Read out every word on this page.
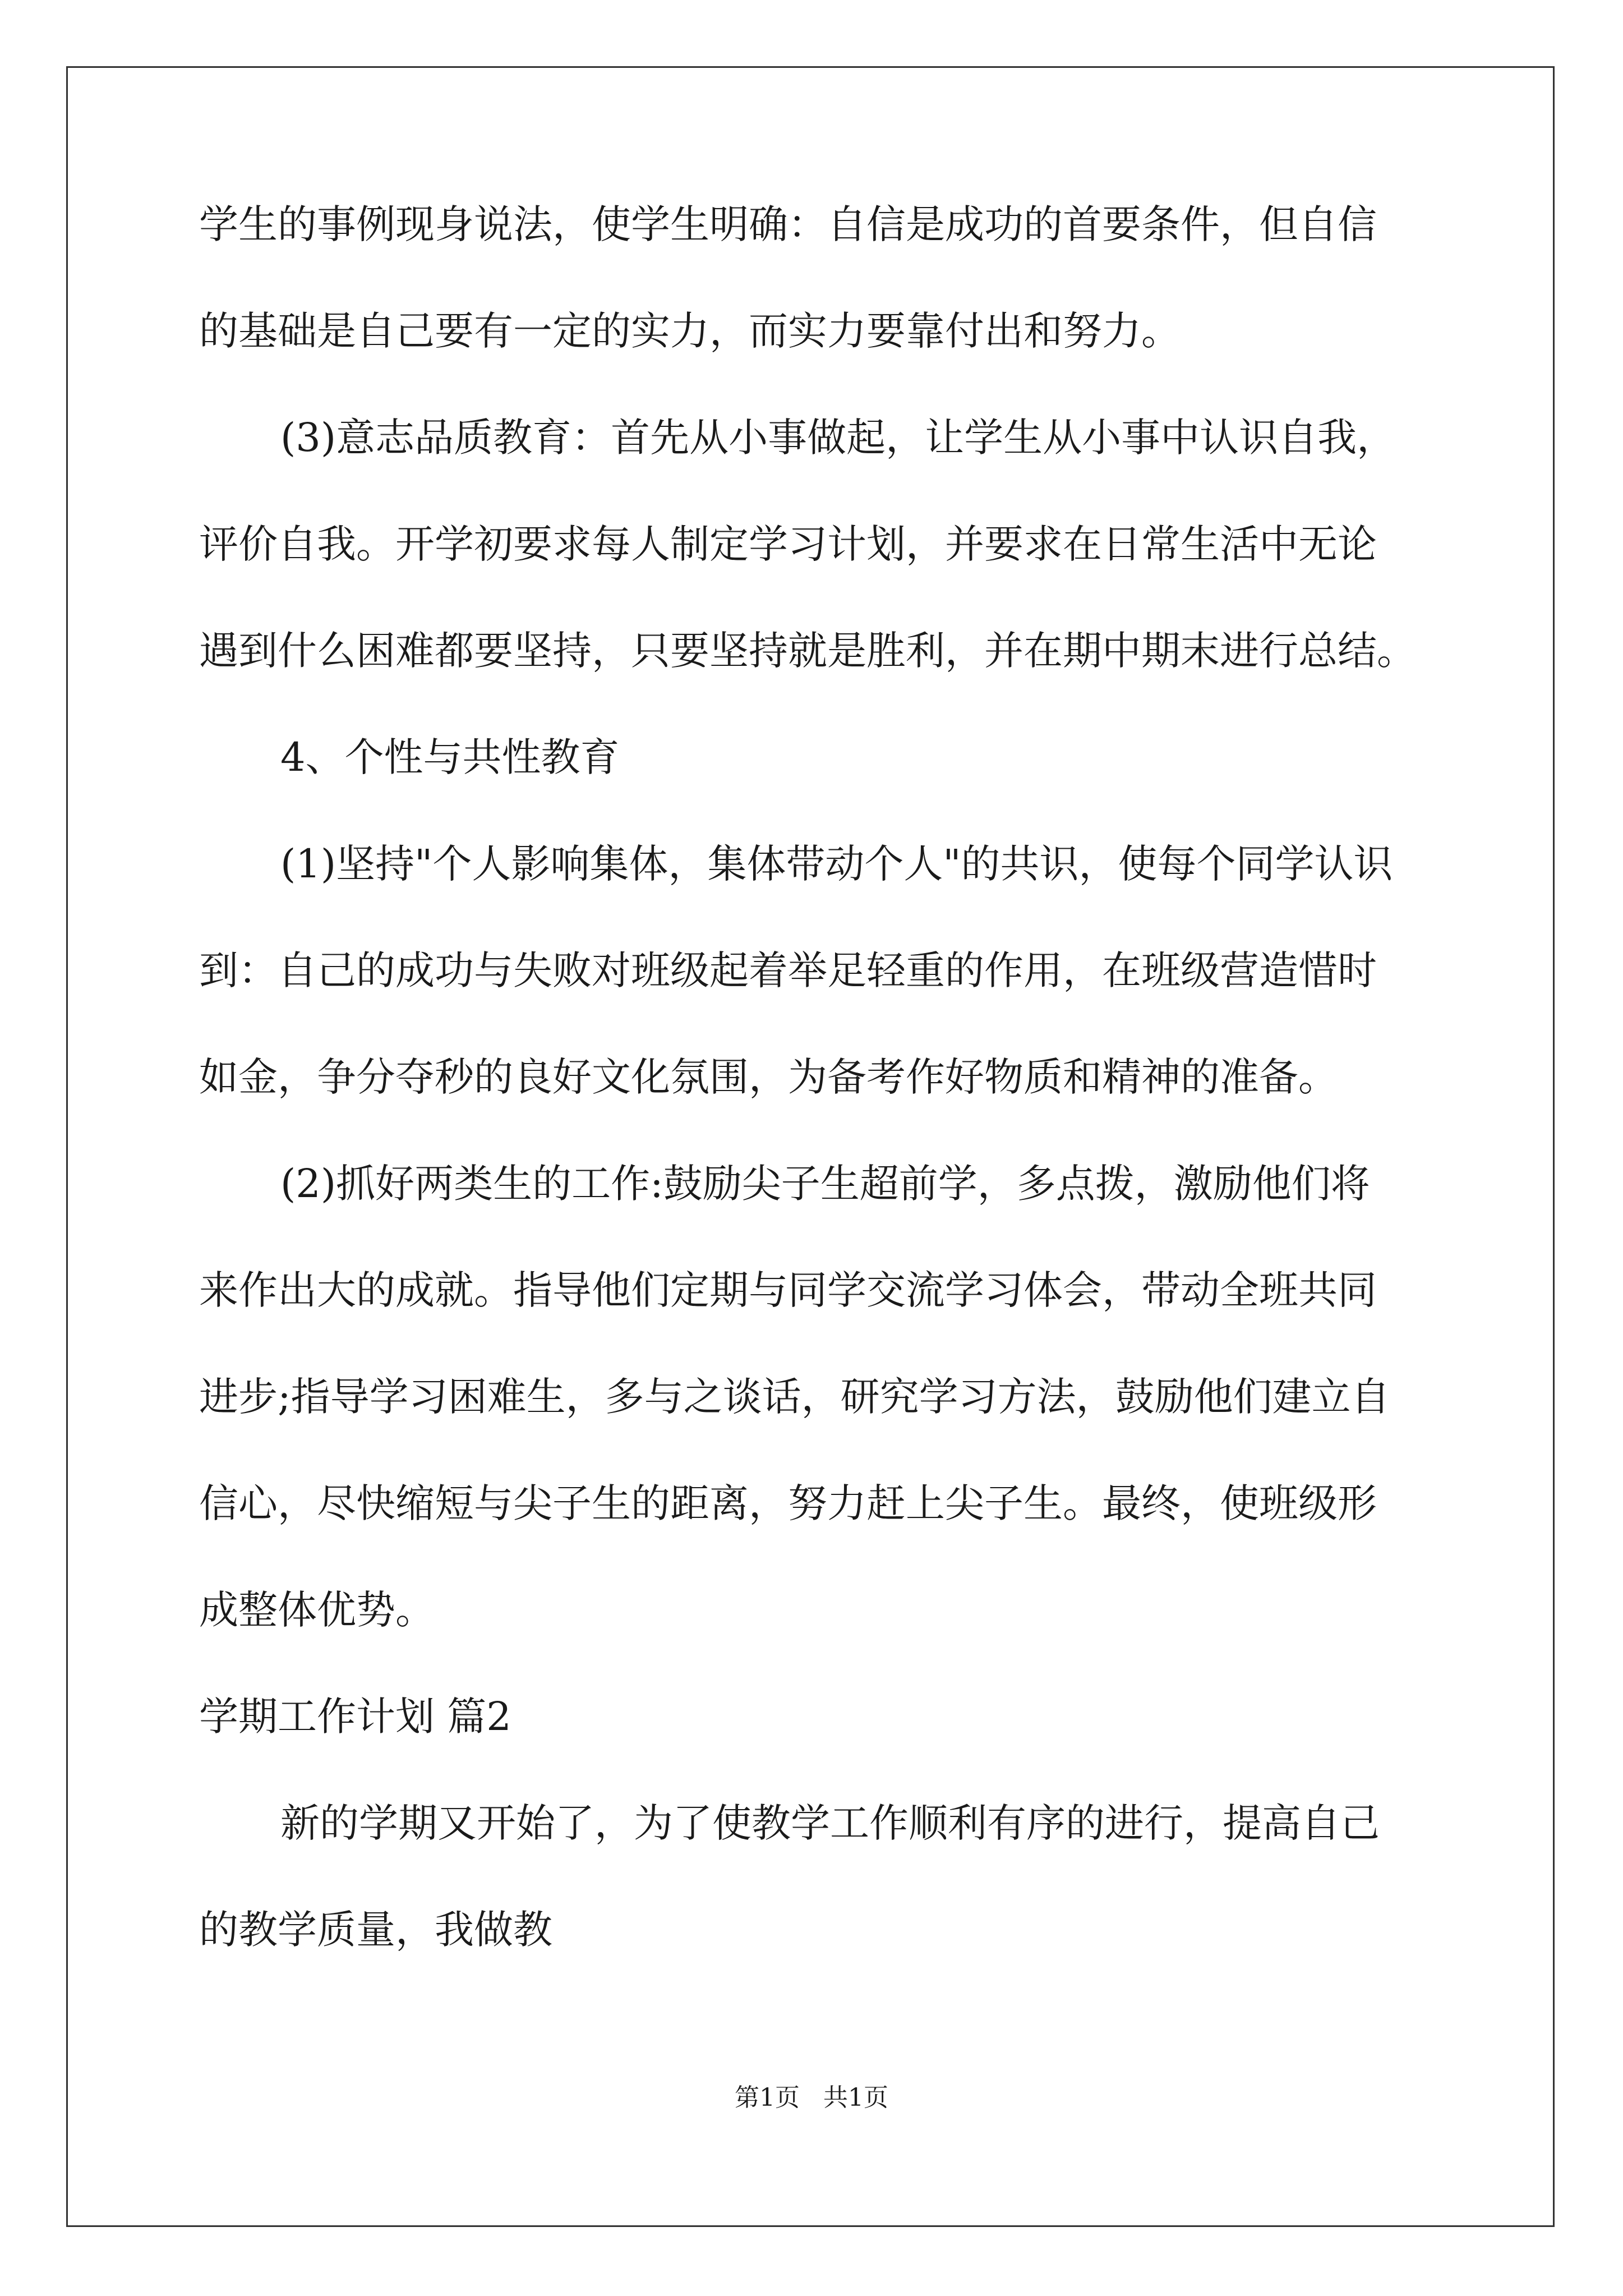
学生的事例现身说法，使学生明确：自信是成功的首要条件，但自信
的基础是自己要有一定的实力，而实力要靠付出和努力。
(3)意志品质教育：首先从小事做起，让学生从小事中认识自我，
评价自我。开学初要求每人制定学习计划，并要求在日常生活中无论
遇到什么困难都要坚持，只要坚持就是胜利，并在期中期末进行总结。
4、个性与共性教育
(1)坚持"个人影响集体，集体带动个人"的共识，使每个同学认识
到：自己的成功与失败对班级起着举足轻重的作用，在班级营造惜时
如金，争分夺秒的良好文化氛围，为备考作好物质和精神的准备。
(2)抓好两类生的工作:鼓励尖子生超前学，多点拨，激励他们将
来作出大的成就。指导他们定期与同学交流学习体会，带动全班共同
进步;指导学习困难生，多与之谈话，研究学习方法，鼓励他们建立自
信心，尽快缩短与尖子生的距离，努力赶上尖子生。最终，使班级形
成整体优势。
学期工作计划 篇2
新的学期又开始了，为了使教学工作顺利有序的进行，提高自己
的教学质量，我做教
第1页   共1页
